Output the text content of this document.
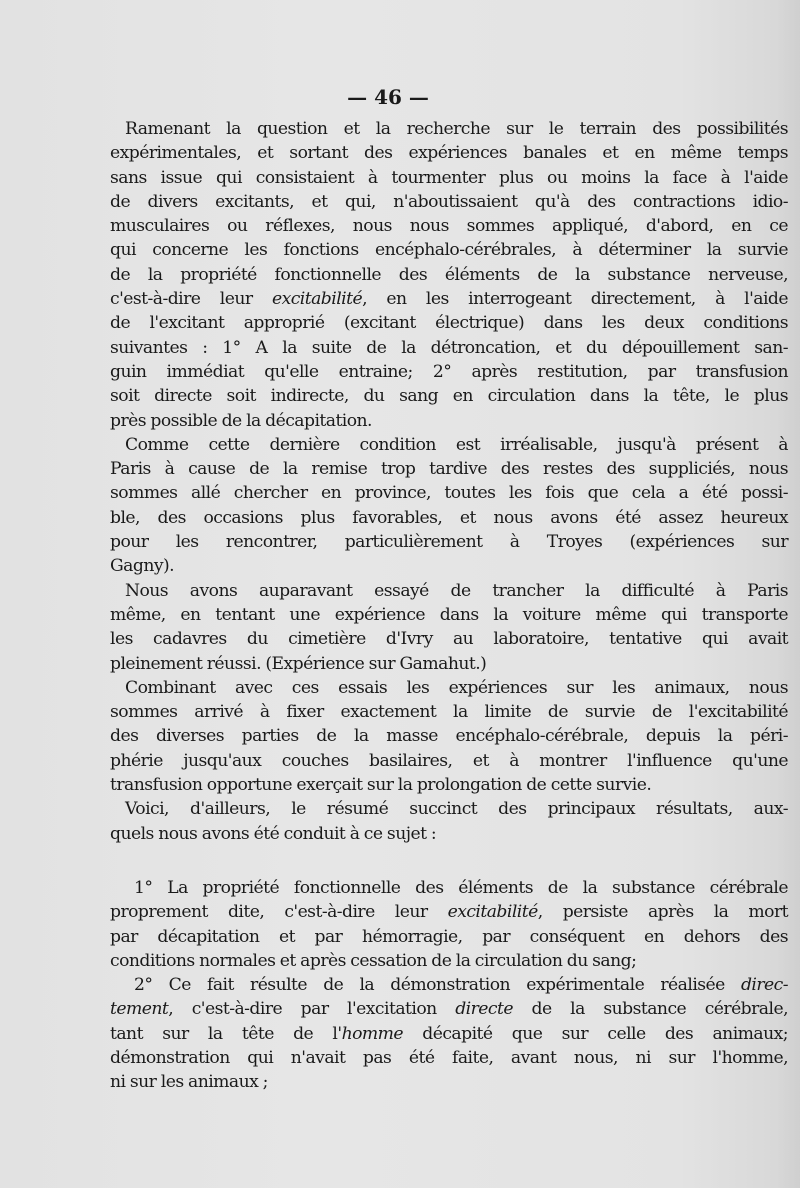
— 46 —
Ramenant la question et la recherche sur le terrain des possibilités
expérimentales, et sortant des expériences banales et en même temps
sans issue qui consistaient à tourmenter plus ou moins la face à l'aide
de divers excitants, et qui, n'aboutissaient qu'à des contractions idio-
musculaires ou réflexes, nous nous sommes appliqué, d'abord, en ce
qui concerne les fonctions encéphalo-cérébrales, à déterminer la survie
de la propriété fonctionnelle des éléments de la substance nerveuse,
c'est-à-dire leur excitabilité, en les interrogeant directement, à l'aide
de l'excitant approprié (excitant électrique) dans les deux conditions
suivantes : 1° A la suite de la détroncation, et du dépouillement san-
guin immédiat qu'elle entraine; 2° après restitution, par transfusion
soit directe soit indirecte, du sang en circulation dans la tête, le plus
près possible de la décapitation.
Comme cette dernière condition est irréalisable, jusqu'à présent à
Paris à cause de la remise trop tardive des restes des suppliciés, nous
sommes allé chercher en province, toutes les fois que cela a été possi-
ble, des occasions plus favorables, et nous avons été assez heureux
pour les rencontrer, particulièrement à Troyes (expériences sur
Gagny).
Nous avons auparavant essayé de trancher la difficulté à Paris
même, en tentant une expérience dans la voiture même qui transporte
les cadavres du cimetière d'Ivry au laboratoire, tentative qui avait
pleinement réussi. (Expérience sur Gamahut.)
Combinant avec ces essais les expériences sur les animaux, nous
sommes arrivé à fixer exactement la limite de survie de l'excitabilité
des diverses parties de la masse encéphalo-cérébrale, depuis la péri-
phérie jusqu'aux couches basilaires, et à montrer l'influence qu'une
transfusion opportune exerçait sur la prolongation de cette survie.
Voici, d'ailleurs, le résumé succinct des principaux résultats, aux-
quels nous avons été conduit à ce sujet :
1° La propriété fonctionnelle des éléments de la substance cérébrale
proprement dite, c'est-à-dire leur excitabilité, persiste après la mort
par décapitation et par hémorragie, par conséquent en dehors des
conditions normales et après cessation de la circulation du sang;
2° Ce fait résulte de la démonstration expérimentale réalisée direc-
tement, c'est-à-dire par l'excitation directe de la substance cérébrale,
tant sur la tête de l'homme décapité que sur celle des animaux;
démonstration qui n'avait pas été faite, avant nous, ni sur l'homme,
ni sur les animaux ;
